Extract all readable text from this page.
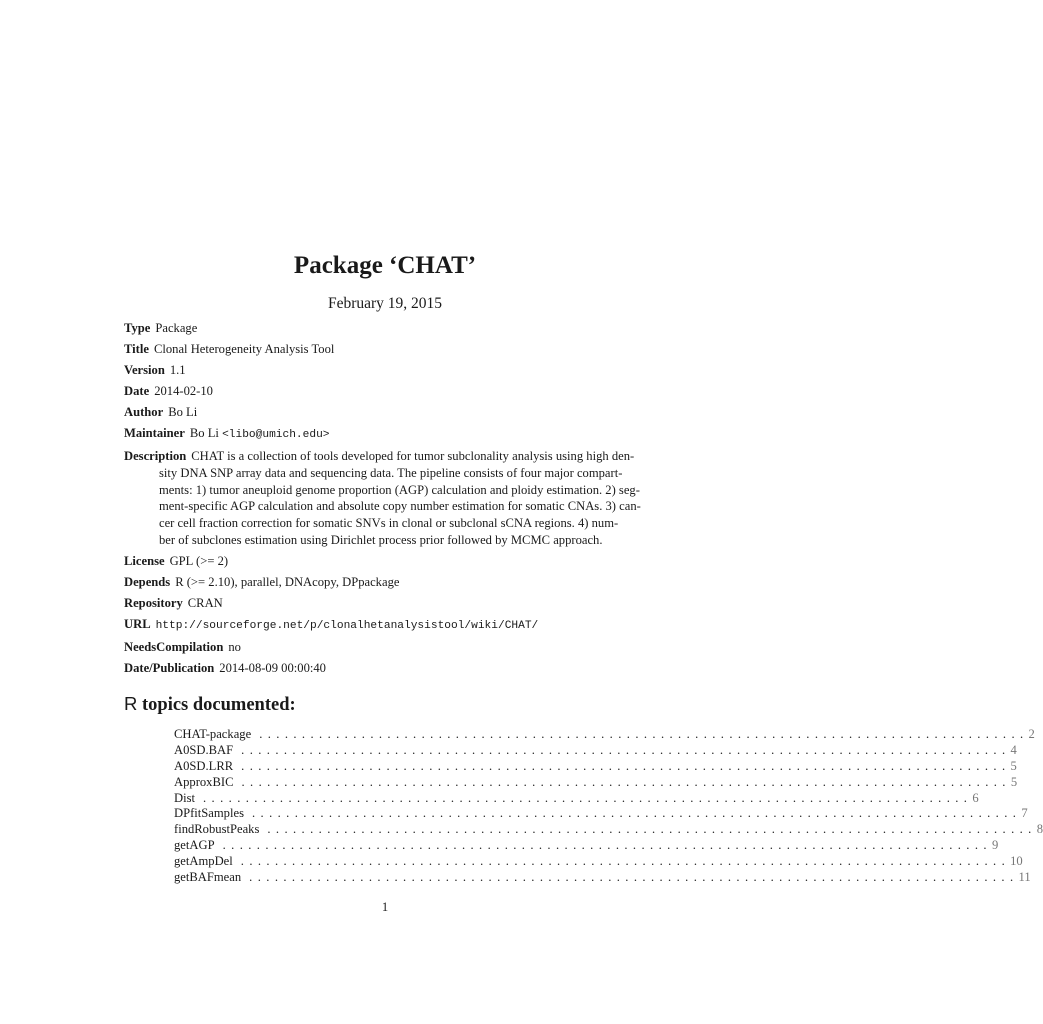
Package ‘CHAT’
February 19, 2015
Type Package
Title Clonal Heterogeneity Analysis Tool
Version 1.1
Date 2014-02-10
Author Bo Li
Maintainer Bo Li <libo@umich.edu>
Description CHAT is a collection of tools developed for tumor subclonality analysis using high den-
sity DNA SNP array data and sequencing data. The pipeline consists of four major compart-
ments: 1) tumor aneuploid genome proportion (AGP) calculation and ploidy estimation. 2) seg-
ment-specific AGP calculation and absolute copy number estimation for somatic CNAs. 3) can-
cer cell fraction correction for somatic SNVs in clonal or subclonal sCNA regions. 4) num-
ber of subclones estimation using Dirichlet process prior followed by MCMC approach.
License GPL (>= 2)
Depends R (>= 2.10), parallel, DNAcopy, DPpackage
Repository CRAN
URL http://sourceforge.net/p/clonalhetanalysistool/wiki/CHAT/
NeedsCompilation no
Date/Publication 2014-08-09 00:00:40
R topics documented:
CHAT-package .......................................................................................... 2
A0SD.BAF .......................................................................................... 4
A0SD.LRR .......................................................................................... 5
ApproxBIC .......................................................................................... 5
Dist .......................................................................................... 6
DPfitSamples .......................................................................................... 7
findRobustPeaks .......................................................................................... 8
getAGP .......................................................................................... 9
getAmpDel .......................................................................................... 10
getBAFmean .......................................................................................... 11
1
